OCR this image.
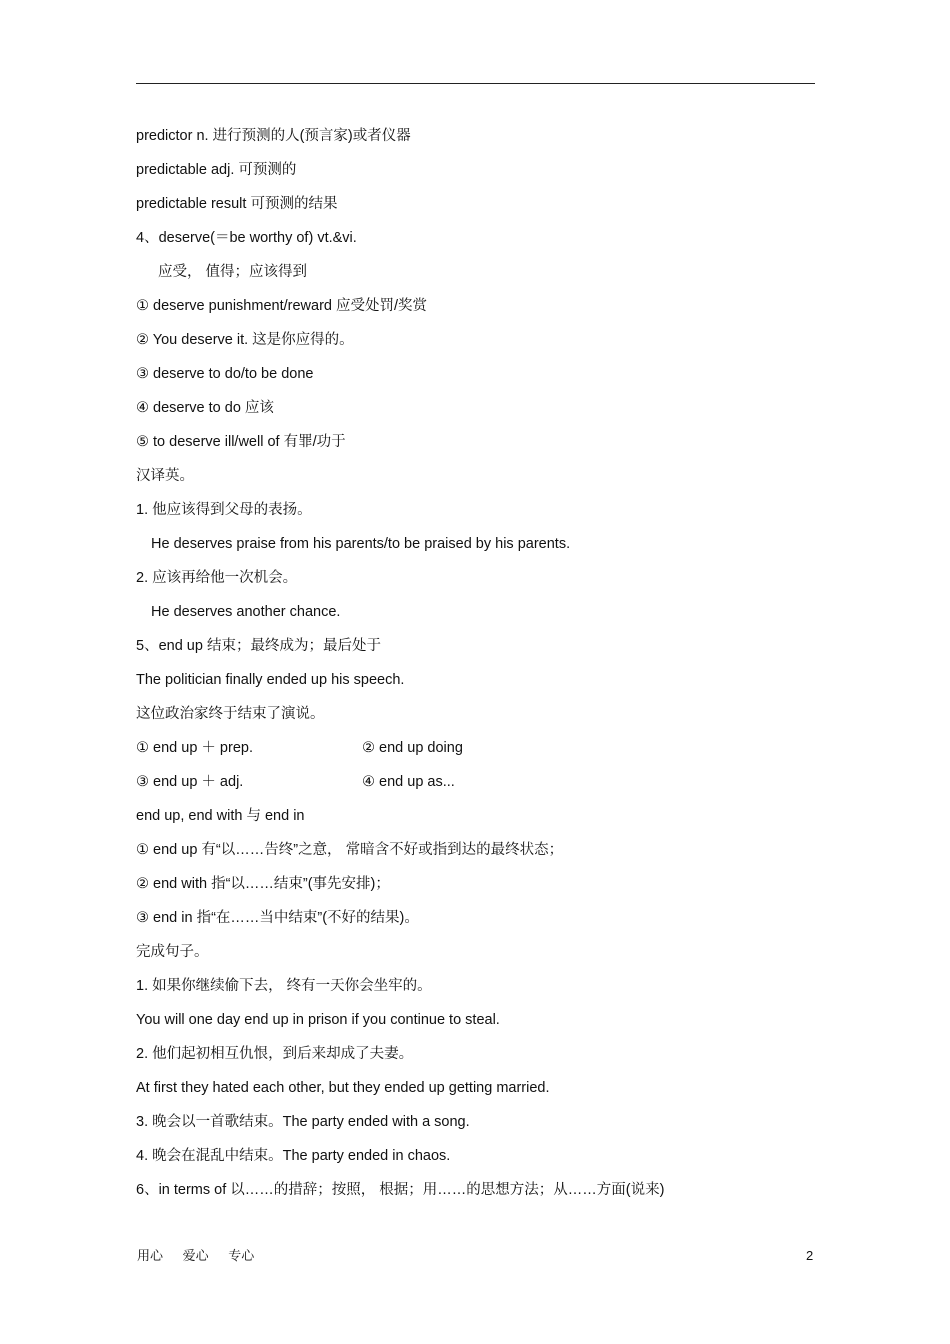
predictor n. 进行预测的人(预言家)或者仪器
predictable adj. 可预测的
predictable result 可预测的结果
4、deserve(＝be worthy of) vt.&vi.
应受， 值得；应该得到
① deserve punishment/reward 应受处罚/奖赏
② You deserve it. 这是你应得的。
③ deserve to do/to be done
④ deserve to do 应该
⑤ to deserve ill/well of 有罪/功于
汉译英。
1. 他应该得到父母的表扬。
He deserves praise from his parents/to be praised by his parents.
2. 应该再给他一次机会。
He deserves another chance.
5、end up 结束；最终成为；最后处于
The politician finally ended up his speech.
这位政治家终于结束了演说。
① end up ＋ prep.	② end up doing
③ end up ＋ adj.	④ end up as...
end up, end with 与 end in
① end up 有“以……告终”之意， 常暗含不好或指到达的最终状态；
② end with 指“以……结束”(事先安排)；
③ end in 指“在……当中结束”(不好的结果)。
完成句子。
1. 如果你继续偷下去， 终有一天你会坐牢的。
You will one day end up in prison if you continue to steal.
2. 他们起初相互仇恨，到后来却成了夫妻。
At first they hated each other, but they ended up getting married.
3. 晚会以一首歌结束。The party ended with a song.
4. 晚会在混乱中结束。The party ended in chaos.
6、in terms of 以……的措辞；按照， 根据；用……的思想方法；从……方面(说来)
用心 爱心 专心	2
